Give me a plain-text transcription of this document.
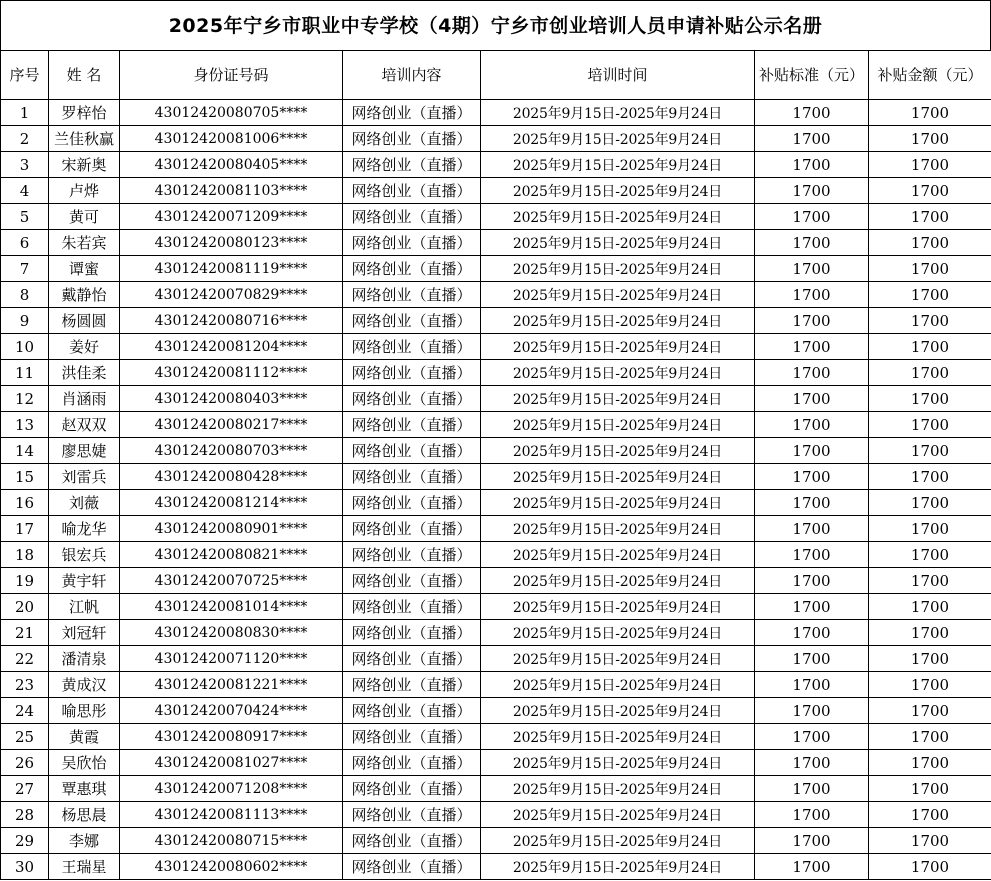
2025年宁乡市职业中专学校（4期）宁乡市创业培训人员申请补贴公示名册
序号	姓 名	身份证号码	培训内容	培训时间	补贴标准（元）	补贴金额（元）
1	罗梓怡	43012420080705****	网络创业（直播）	2025年9月15日-2025年9月24日	1700	1700
2	兰佳秋赢	43012420081006****	网络创业（直播）	2025年9月15日-2025年9月24日	1700	1700
3	宋新奥	43012420080405****	网络创业（直播）	2025年9月15日-2025年9月24日	1700	1700
4	卢烨	43012420081103****	网络创业（直播）	2025年9月15日-2025年9月24日	1700	1700
5	黄可	43012420071209****	网络创业（直播）	2025年9月15日-2025年9月24日	1700	1700
6	朱若宾	43012420080123****	网络创业（直播）	2025年9月15日-2025年9月24日	1700	1700
7	谭蜜	43012420081119****	网络创业（直播）	2025年9月15日-2025年9月24日	1700	1700
8	戴静怡	43012420070829****	网络创业（直播）	2025年9月15日-2025年9月24日	1700	1700
9	杨圆圆	43012420080716****	网络创业（直播）	2025年9月15日-2025年9月24日	1700	1700
10	姜好	43012420081204****	网络创业（直播）	2025年9月15日-2025年9月24日	1700	1700
11	洪佳柔	43012420081112****	网络创业（直播）	2025年9月15日-2025年9月24日	1700	1700
12	肖涵雨	43012420080403****	网络创业（直播）	2025年9月15日-2025年9月24日	1700	1700
13	赵双双	43012420080217****	网络创业（直播）	2025年9月15日-2025年9月24日	1700	1700
14	廖思婕	43012420080703****	网络创业（直播）	2025年9月15日-2025年9月24日	1700	1700
15	刘雷兵	43012420080428****	网络创业（直播）	2025年9月15日-2025年9月24日	1700	1700
16	刘薇	43012420081214****	网络创业（直播）	2025年9月15日-2025年9月24日	1700	1700
17	喻龙华	43012420080901****	网络创业（直播）	2025年9月15日-2025年9月24日	1700	1700
18	银宏兵	43012420080821****	网络创业（直播）	2025年9月15日-2025年9月24日	1700	1700
19	黄宇轩	43012420070725****	网络创业（直播）	2025年9月15日-2025年9月24日	1700	1700
20	江帆	43012420081014****	网络创业（直播）	2025年9月15日-2025年9月24日	1700	1700
21	刘冠轩	43012420080830****	网络创业（直播）	2025年9月15日-2025年9月24日	1700	1700
22	潘清泉	43012420071120****	网络创业（直播）	2025年9月15日-2025年9月24日	1700	1700
23	黄成汉	43012420081221****	网络创业（直播）	2025年9月15日-2025年9月24日	1700	1700
24	喻思彤	43012420070424****	网络创业（直播）	2025年9月15日-2025年9月24日	1700	1700
25	黄霞	43012420080917****	网络创业（直播）	2025年9月15日-2025年9月24日	1700	1700
26	吴欣怡	43012420081027****	网络创业（直播）	2025年9月15日-2025年9月24日	1700	1700
27	覃惠琪	43012420071208****	网络创业（直播）	2025年9月15日-2025年9月24日	1700	1700
28	杨思晨	43012420081113****	网络创业（直播）	2025年9月15日-2025年9月24日	1700	1700
29	李娜	43012420080715****	网络创业（直播）	2025年9月15日-2025年9月24日	1700	1700
30	王瑞星	43012420080602****	网络创业（直播）	2025年9月15日-2025年9月24日	1700	1700
